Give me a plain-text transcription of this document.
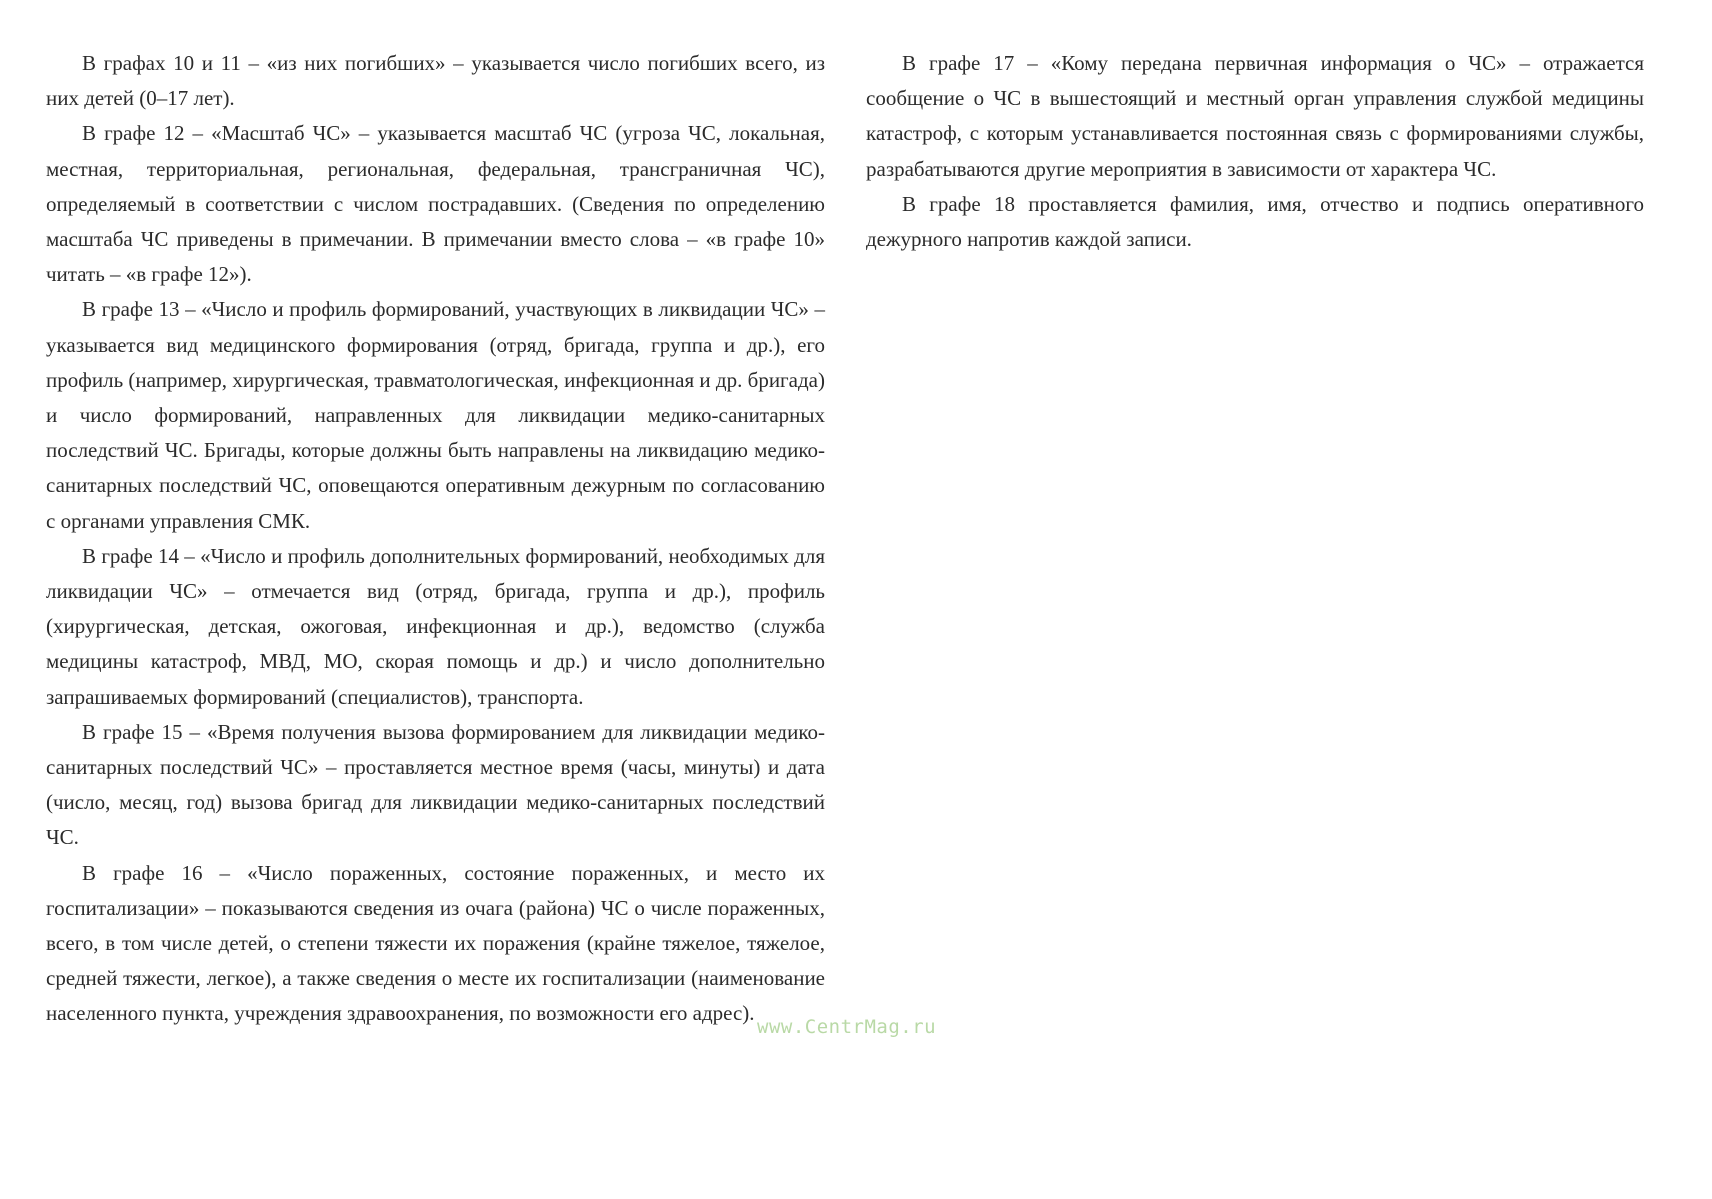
В графах 10 и 11 – «из них погибших» – указывается число погибших всего, из них детей (0–17 лет).

В графе 12 – «Масштаб ЧС» – указывается масштаб ЧС (угроза ЧС, локальная, местная, территориальная, региональная, федеральная, трансграничная ЧС), определяемый в соответствии с числом пострадавших. (Сведения по определению масштаба ЧС приведены в примечании. В примечании вместо слова – «в графе 10» читать – «в графе 12»).

В графе 13 – «Число и профиль формирований, участвующих в ликвидации ЧС» – указывается вид медицинского формирования (отряд, бригада, группа и др.), его профиль (например, хирургическая, травматологическая, инфекционная и др. бригада) и число формирований, направленных для ликвидации медико-санитарных последствий ЧС. Бригады, которые должны быть направлены на ликвидацию медико-санитарных последствий ЧС, оповещаются оперативным дежурным по согласованию с органами управления СМК.

В графе 14 – «Число и профиль дополнительных формирований, необходимых для ликвидации ЧС» – отмечается вид (отряд, бригада, группа и др.), профиль (хирургическая, детская, ожоговая, инфекционная и др.), ведомство (служба медицины катастроф, МВД, МО, скорая помощь и др.) и число дополнительно запрашиваемых формирований (специалистов), транспорта.

В графе 15 – «Время получения вызова формированием для ликвидации медико-санитарных последствий ЧС» – проставляется местное время (часы, минуты) и дата (число, месяц, год) вызова бригад для ликвидации медико-санитарных последствий ЧС.

В графе 16 – «Число пораженных, состояние пораженных, и место их госпитализации» – показываются сведения из очага (района) ЧС о числе пораженных, всего, в том числе детей, о степени тяжести их поражения (крайне тяжелое, тяжелое, средней тяжести, легкое), а также сведения о месте их госпитализации (наименование населенного пункта, учреждения здравоохранения, по возможности его адрес).

В графе 17 – «Кому передана первичная информация о ЧС» – отражается сообщение о ЧС в вышестоящий и местный орган управления службой медицины катастроф, с которым устанавливается постоянная связь с формированиями службы, разрабатываются другие мероприятия в зависимости от характера ЧС.

В графе 18 проставляется фамилия, имя, отчество и подпись оперативного дежурного напротив каждой записи.

www.CentrMag.ru
